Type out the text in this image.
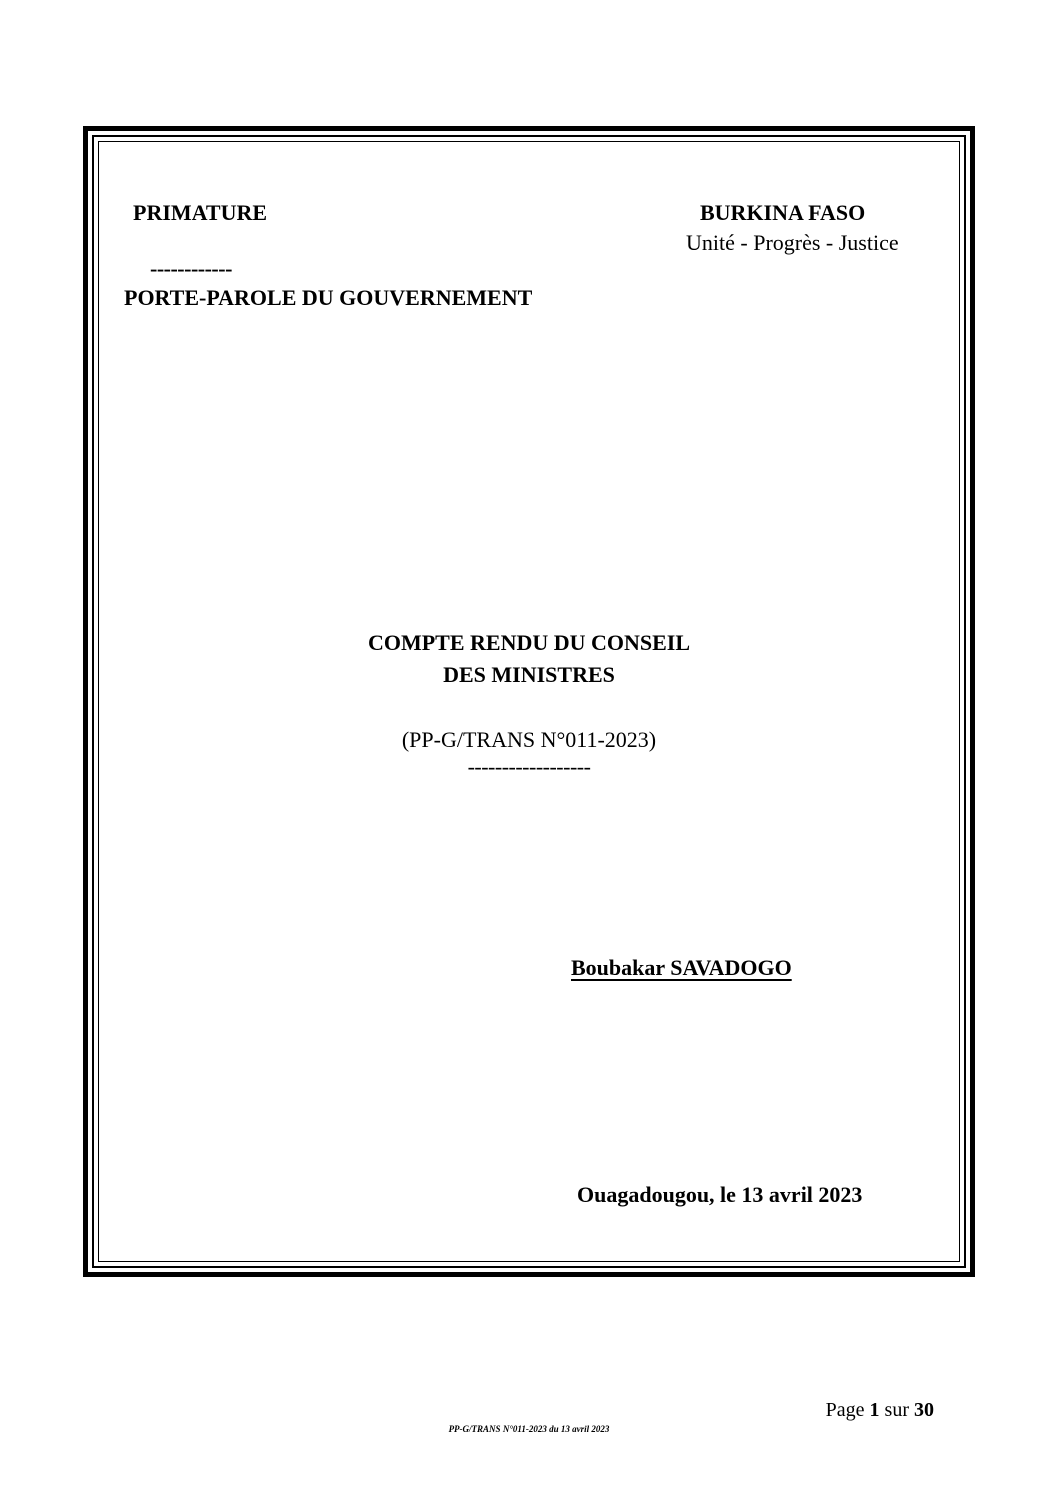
PRIMATURE
------------
PORTE-PAROLE DU GOUVERNEMENT
BURKINA FASO
Unité - Progrès - Justice
COMPTE RENDU DU CONSEIL
DES MINISTRES
(PP-G/TRANS N°011-2023)
------------------
Boubakar SAVADOGO
Ouagadougou, le 13 avril 2023
Page 1 sur 30
PP-G/TRANS N°011-2023 du 13 avril 2023
